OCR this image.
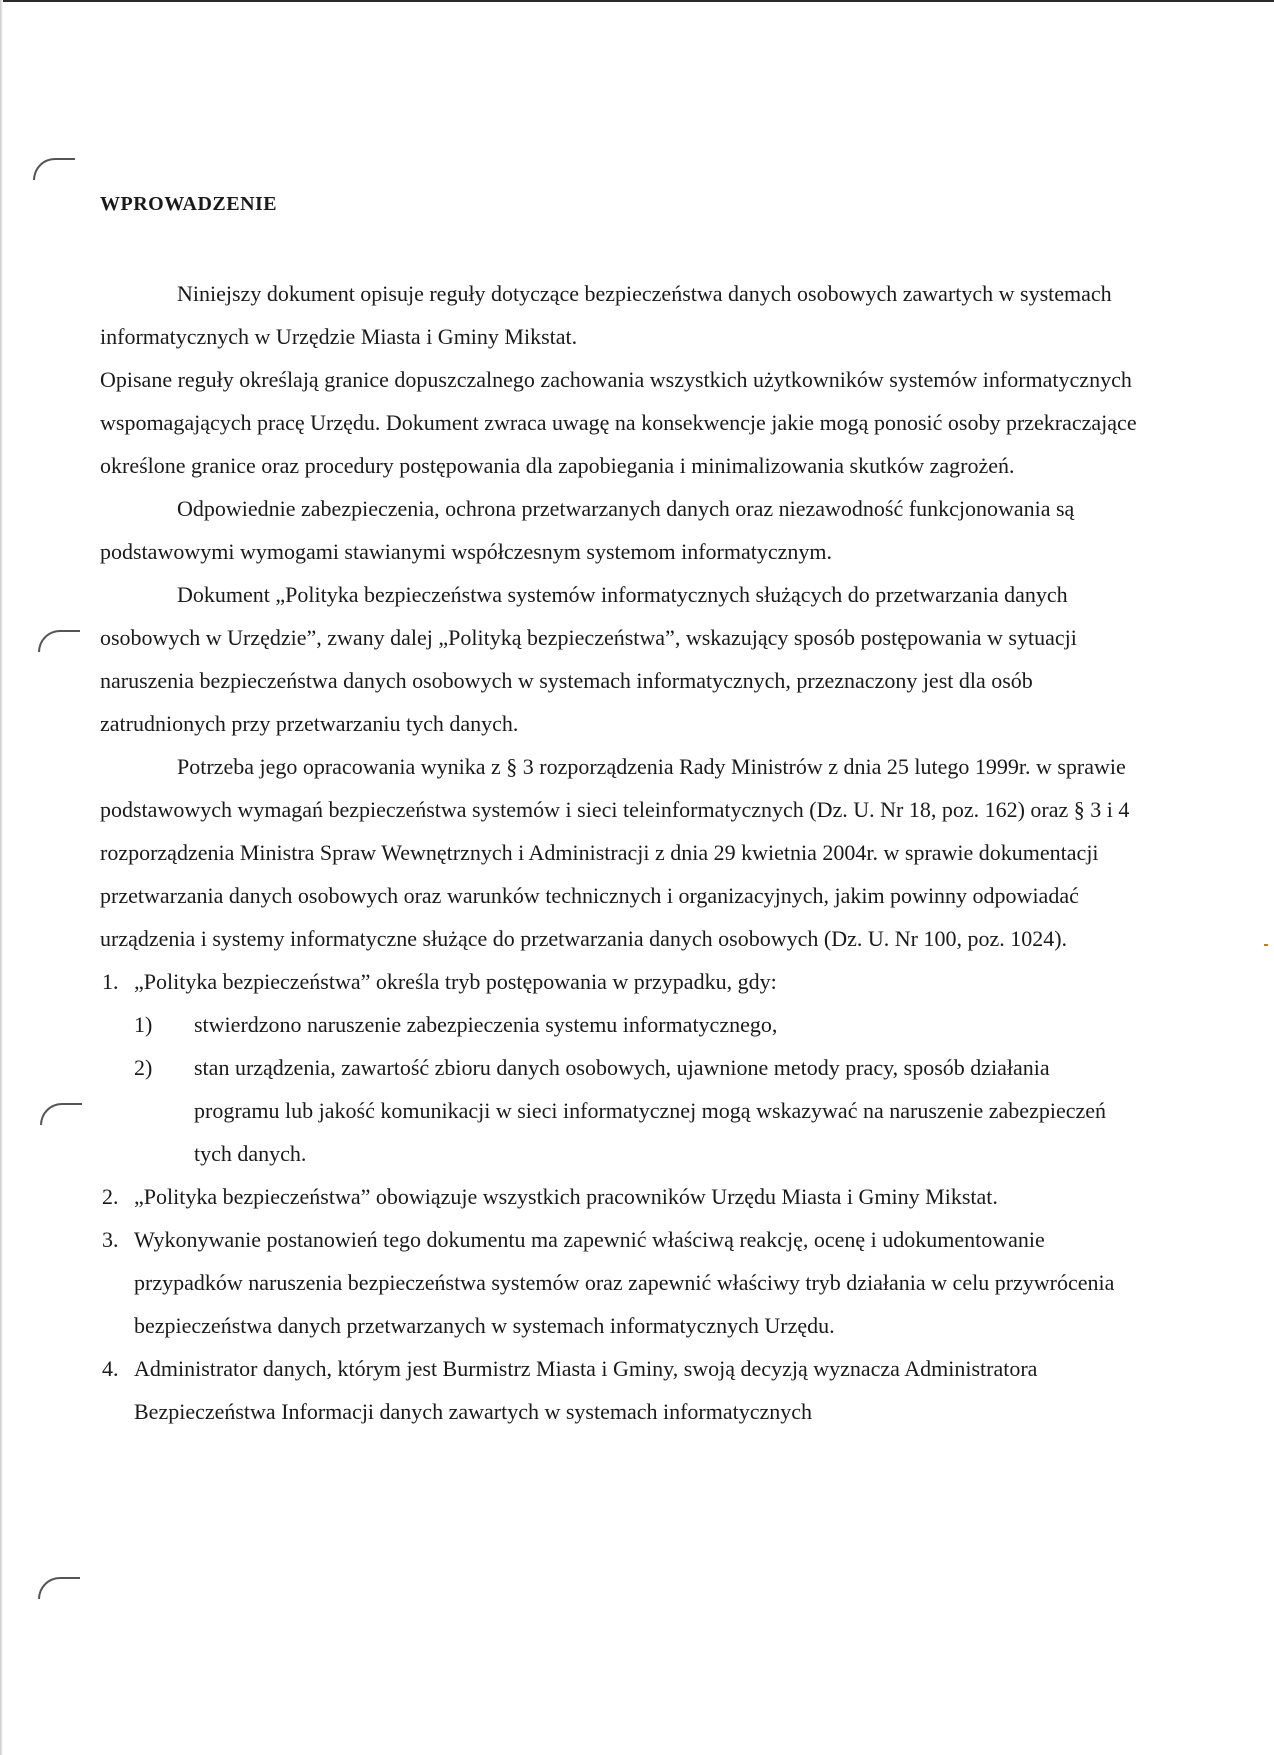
WPROWADZENIE

Niniejszy dokument opisuje reguły dotyczące bezpieczeństwa danych osobowych zawartych w systemach informatycznych w Urzędzie Miasta i Gminy Mikstat.

Opisane reguły określają granice dopuszczalnego zachowania wszystkich użytkowników systemów informatycznych wspomagających pracę Urzędu. Dokument zwraca uwagę na konsekwencje jakie mogą ponosić osoby przekraczające określone granice oraz procedury postępowania dla zapobiegania i minimalizowania skutków zagrożeń.

Odpowiednie zabezpieczenia, ochrona przetwarzanych danych oraz niezawodność funkcjonowania są podstawowymi wymogami stawianymi współczesnym systemom informatycznym.

Dokument „Polityka bezpieczeństwa systemów informatycznych służących do przetwarzania danych osobowych w Urzędzie”, zwany dalej „Polityką bezpieczeństwa”, wskazujący sposób postępowania w sytuacji naruszenia bezpieczeństwa danych osobowych w systemach informatycznych, przeznaczony jest dla osób zatrudnionych przy przetwarzaniu tych danych.

Potrzeba jego opracowania wynika z § 3 rozporządzenia Rady Ministrów z dnia 25 lutego 1999r. w sprawie podstawowych wymagań bezpieczeństwa systemów i sieci teleinformatycznych (Dz. U. Nr 18, poz. 162) oraz § 3 i 4 rozporządzenia Ministra Spraw Wewnętrznych i Administracji z dnia 29 kwietnia 2004r. w sprawie dokumentacji przetwarzania danych osobowych oraz warunków technicznych i organizacyjnych, jakim powinny odpowiadać urządzenia i systemy informatyczne służące do przetwarzania danych osobowych (Dz. U. Nr 100, poz. 1024).

1. „Polityka bezpieczeństwa” określa tryb postępowania w przypadku, gdy:
1) stwierdzono naruszenie zabezpieczenia systemu informatycznego,
2) stan urządzenia, zawartość zbioru danych osobowych, ujawnione metody pracy, sposób działania programu lub jakość komunikacji w sieci informatycznej mogą wskazywać na naruszenie zabezpieczeń tych danych.
2. „Polityka bezpieczeństwa” obowiązuje wszystkich pracowników Urzędu Miasta i Gminy Mikstat.
3. Wykonywanie postanowień tego dokumentu ma zapewnić właściwą reakcję, ocenę i udokumentowanie przypadków naruszenia bezpieczeństwa systemów oraz zapewnić właściwy tryb działania w celu przywrócenia bezpieczeństwa danych przetwarzanych w systemach informatycznych Urzędu.
4. Administrator danych, którym jest Burmistrz Miasta i Gminy, swoją decyzją wyznacza Administratora Bezpieczeństwa Informacji danych zawartych w systemach informatycznych
